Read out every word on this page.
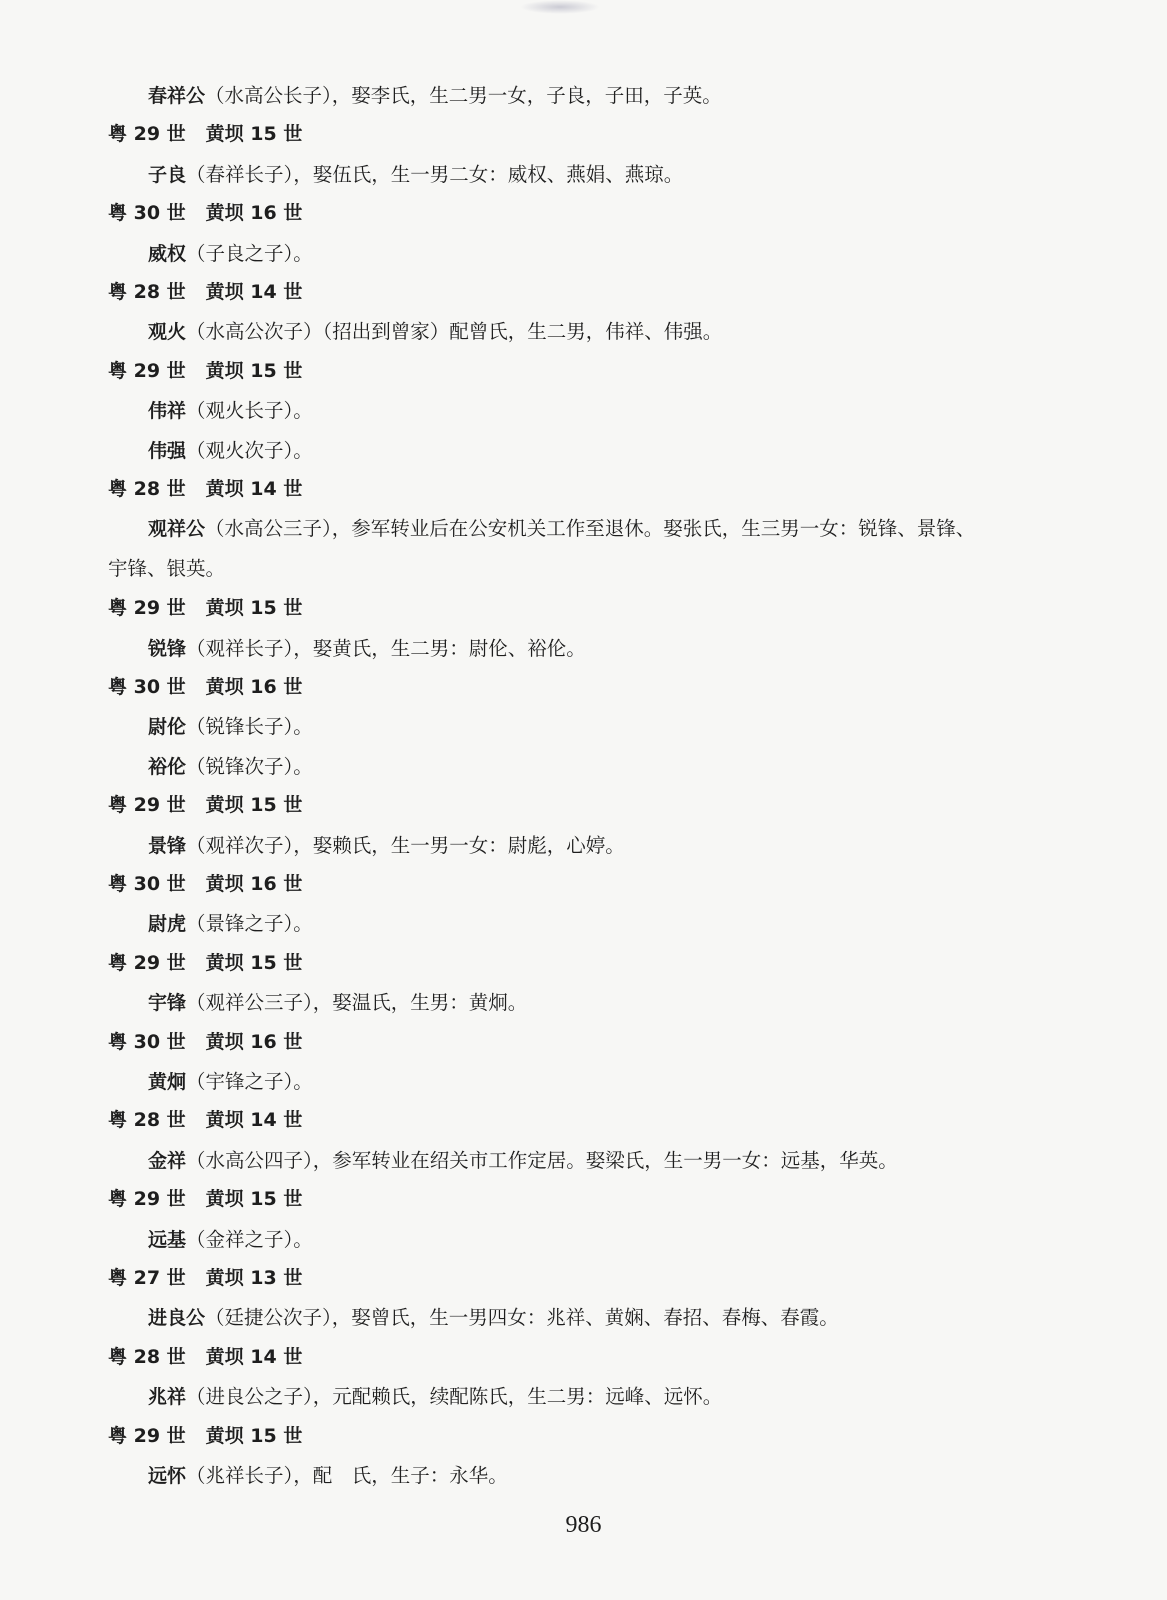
春祥公（水高公长子），娶李氏，生二男一女，子良，子田，子英。
粤 29 世 黄坝 15 世
子良（春祥长子），娶伍氏，生一男二女：威权、燕娟、燕琼。
粤 30 世 黄坝 16 世
威权（子良之子）。
粤 28 世 黄坝 14 世
观火（水高公次子）（招出到曾家）配曾氏，生二男，伟祥、伟强。
粤 29 世 黄坝 15 世
伟祥（观火长子）。
伟强（观火次子）。
粤 28 世 黄坝 14 世
观祥公（水高公三子），参军转业后在公安机关工作至退休。娶张氏，生三男一女：锐锋、景锋、
宇锋、银英。
粤 29 世 黄坝 15 世
锐锋（观祥长子），娶黄氏，生二男：尉伦、裕伦。
粤 30 世 黄坝 16 世
尉伦（锐锋长子）。
裕伦（锐锋次子）。
粤 29 世 黄坝 15 世
景锋（观祥次子），娶赖氏，生一男一女：尉彪，心婷。
粤 30 世 黄坝 16 世
尉虎（景锋之子）。
粤 29 世 黄坝 15 世
宇锋（观祥公三子），娶温氏，生男：黄炯。
粤 30 世 黄坝 16 世
黄炯（宇锋之子）。
粤 28 世 黄坝 14 世
金祥（水高公四子），参军转业在绍关市工作定居。娶梁氏，生一男一女：远基，华英。
粤 29 世 黄坝 15 世
远基（金祥之子）。
粤 27 世 黄坝 13 世
进良公（廷捷公次子），娶曾氏，生一男四女：兆祥、黄娴、春招、春梅、春霞。
粤 28 世 黄坝 14 世
兆祥（进良公之子），元配赖氏，续配陈氏，生二男：远峰、远怀。
粤 29 世 黄坝 15 世
远怀（兆祥长子），配　氏，生子：永华。
986
